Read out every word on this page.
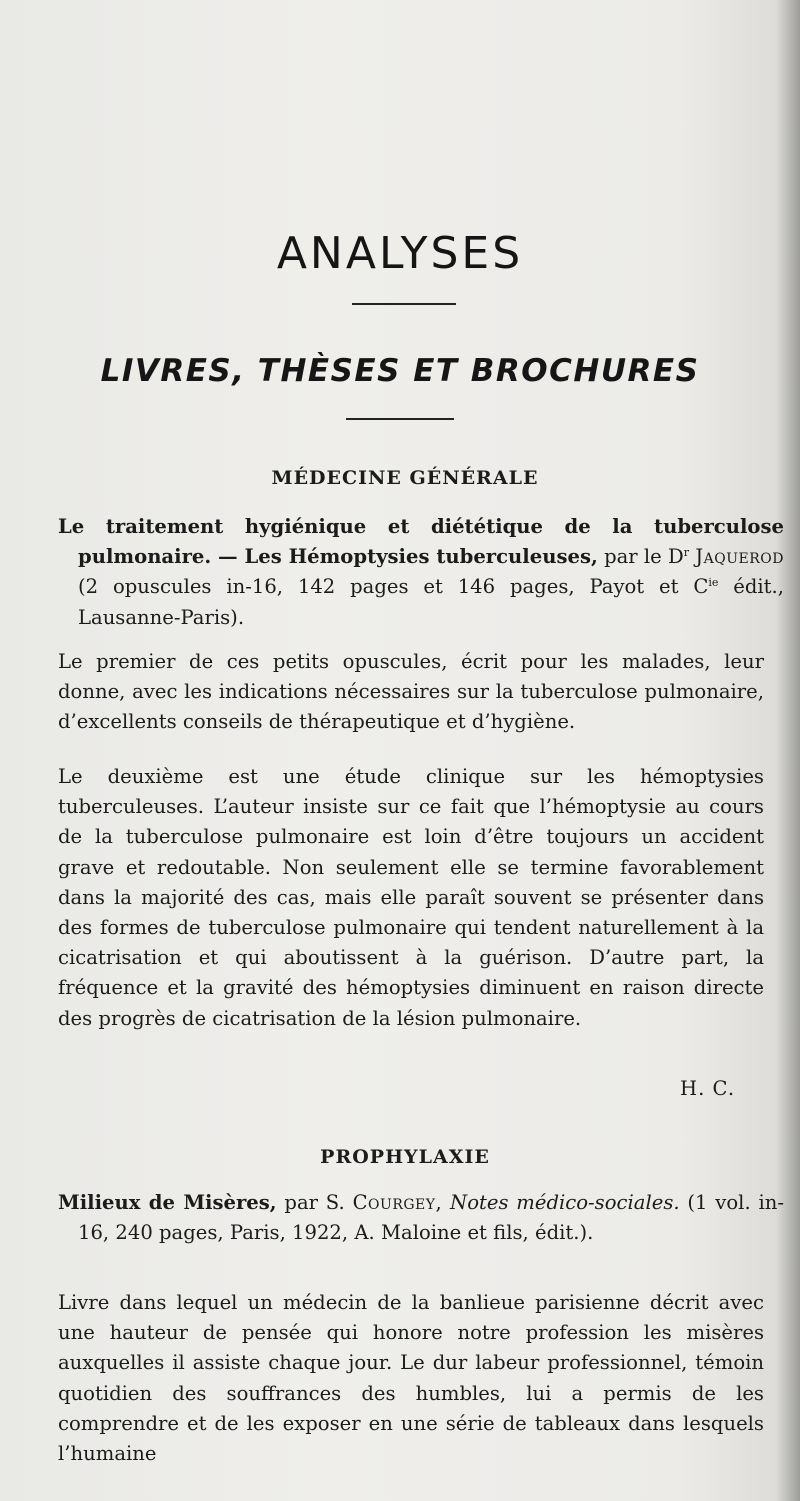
ANALYSES
LIVRES, THÈSES ET BROCHURES
MÉDECINE GÉNÉRALE

Le traitement hygiénique et diététique de la tuberculose pulmonaire. — Les Hémoptysies tuberculeuses, par le $D^r$ Jaquerod (2 opuscules in-16, 142 pages et 146 pages, Payot et $C^{ie}$ édit., Lausanne-Paris).

Le premier de ces petits opuscules, écrit pour les malades, leur donne, avec les indications nécessaires sur la tuberculose pulmonaire, d’excellents conseils de thérapeutique et d’hygiène.

Le deuxième est une étude clinique sur les hémoptysies tuberculeuses. L’auteur insiste sur ce fait que l’hémoptysie au cours de la tuberculose pulmonaire est loin d’être toujours un accident grave et redoutable. Non seulement elle se termine favorablement dans la majorité des cas, mais elle paraît souvent se présenter dans des formes de tuberculose pulmonaire qui tendent naturellement à la cicatrisation et qui aboutissent à la guérison. D’autre part, la fréquence et la gravité des hémoptysies diminuent en raison directe des progrès de cicatrisation de la lésion pulmonaire.

H. C.
PROPHYLAXIE

Milieux de Misères, par S. Courgey, Notes médico-sociales. (1 vol. in-16, 240 pages, Paris, 1922, A. Maloine et fils, édit.).

Livre dans lequel un médecin de la banlieue parisienne décrit avec une hauteur de pensée qui honore notre profession les misères auxquelles il assiste chaque jour. Le dur labeur professionnel, témoin quotidien des souffrances des humbles, lui a permis de les comprendre et de les exposer en une série de tableaux dans lesquels l’humaine
